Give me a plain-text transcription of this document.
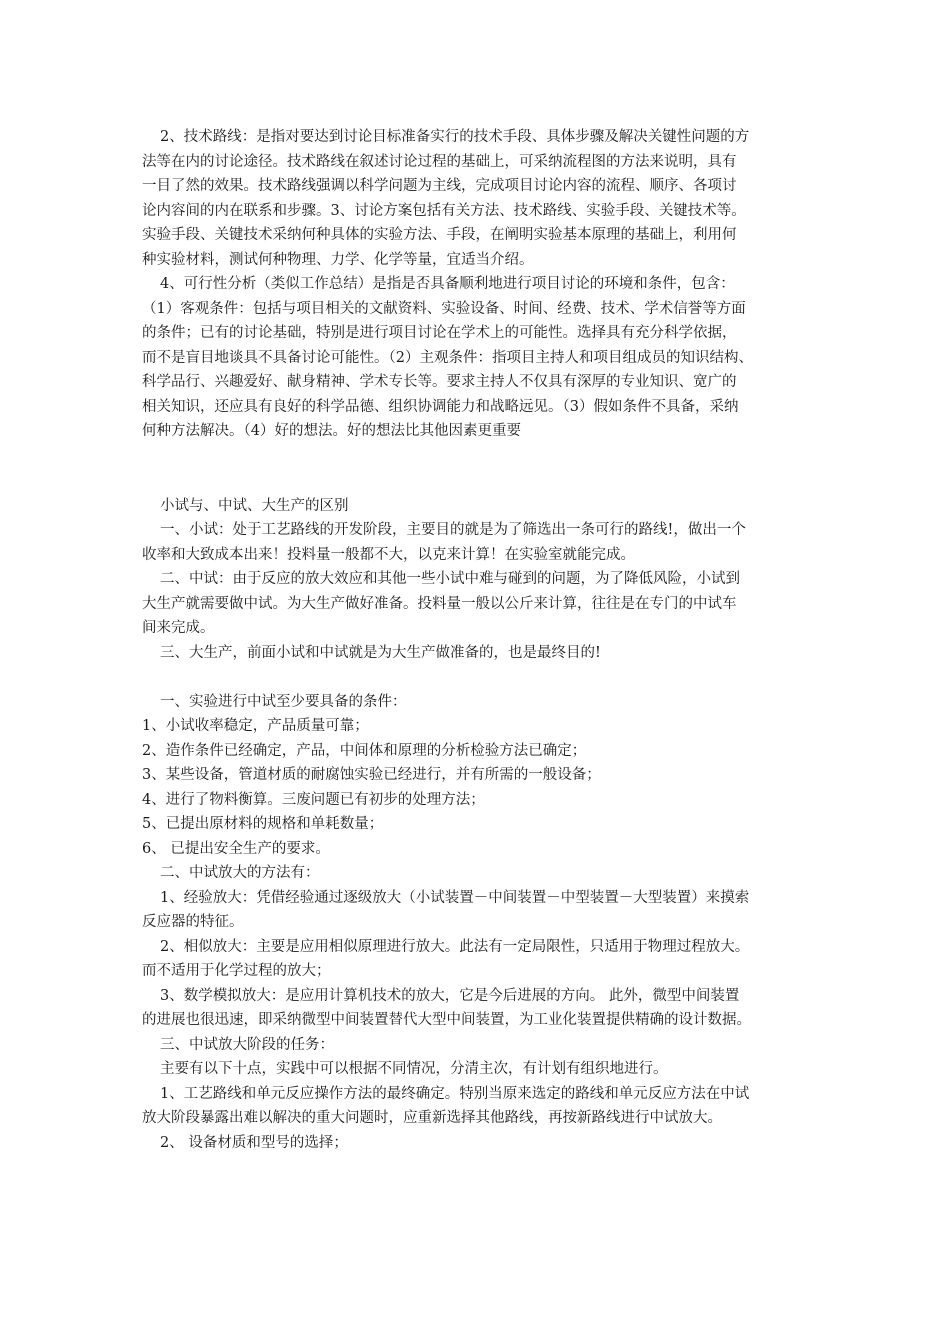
2、技术路线：是指对要达到讨论目标准备实行的技术手段、具体步骤及解决关键性问题的方
法等在内的讨论途径。技术路线在叙述讨论过程的基础上，可采纳流程图的方法来说明，具有
一目了然的效果。技术路线强调以科学问题为主线，完成项目讨论内容的流程、顺序、各项讨
论内容间的内在联系和步骤。3、讨论方案包括有关方法、技术路线、实验手段、关键技术等。
实验手段、关键技术采纳何种具体的实验方法、手段，在阐明实验基本原理的基础上，利用何
种实验材料，测试何种物理、力学、化学等量，宜适当介绍。
4、可行性分析（类似工作总结）是指是否具备顺利地进行项目讨论的环境和条件，包含：
（1）客观条件：包括与项目相关的文献资料、实验设备、时间、经费、技术、学术信誉等方面
的条件；已有的讨论基础，特别是进行项目讨论在学术上的可能性。选择具有充分科学依据，
而不是盲目地谈具不具备讨论可能性。（2）主观条件：指项目主持人和项目组成员的知识结构、
科学品行、兴趣爱好、献身精神、学术专长等。要求主持人不仅具有深厚的专业知识、宽广的
相关知识，还应具有良好的科学品德、组织协调能力和战略远见。（3）假如条件不具备，采纳
何种方法解决。（4）好的想法。好的想法比其他因素更重要
小试与、中试、大生产的区别
一、小试：处于工艺路线的开发阶段，主要目的就是为了筛选出一条可行的路线!，做出一个
收率和大致成本出来！投料量一般都不大，以克来计算！在实验室就能完成。
二、中试：由于反应的放大效应和其他一些小试中难与碰到的问题，为了降低风险，小试到
大生产就需要做中试。为大生产做好准备。投料量一般以公斤来计算，往往是在专门的中试车
间来完成。
三、大生产，前面小试和中试就是为大生产做准备的，也是最终目的!
一、实验进行中试至少要具备的条件：
1、小试收率稳定，产品质量可靠；
2、造作条件已经确定，产品，中间体和原理的分析检验方法已确定；
3、某些设备，管道材质的耐腐蚀实验已经进行，并有所需的一般设备；
4、进行了物料衡算。三废问题已有初步的处理方法；
5、已提出原材料的规格和单耗数量；
6、 已提出安全生产的要求。
二、中试放大的方法有：
1、经验放大：凭借经验通过逐级放大（小试装置－中间装置－中型装置－大型装置）来摸索
反应器的特征。
2、相似放大：主要是应用相似原理进行放大。此法有一定局限性，只适用于物理过程放大。
而不适用于化学过程的放大；
3、数学模拟放大：是应用计算机技术的放大，它是今后进展的方向。 此外，微型中间装置
的进展也很迅速，即采纳微型中间装置替代大型中间装置，为工业化装置提供精确的设计数据。
三、中试放大阶段的任务：
主要有以下十点，实践中可以根据不同情况，分清主次，有计划有组织地进行。
1、工艺路线和单元反应操作方法的最终确定。特别当原来选定的路线和单元反应方法在中试
放大阶段暴露出难以解决的重大问题时，应重新选择其他路线，再按新路线进行中试放大。
2、 设备材质和型号的选择；
